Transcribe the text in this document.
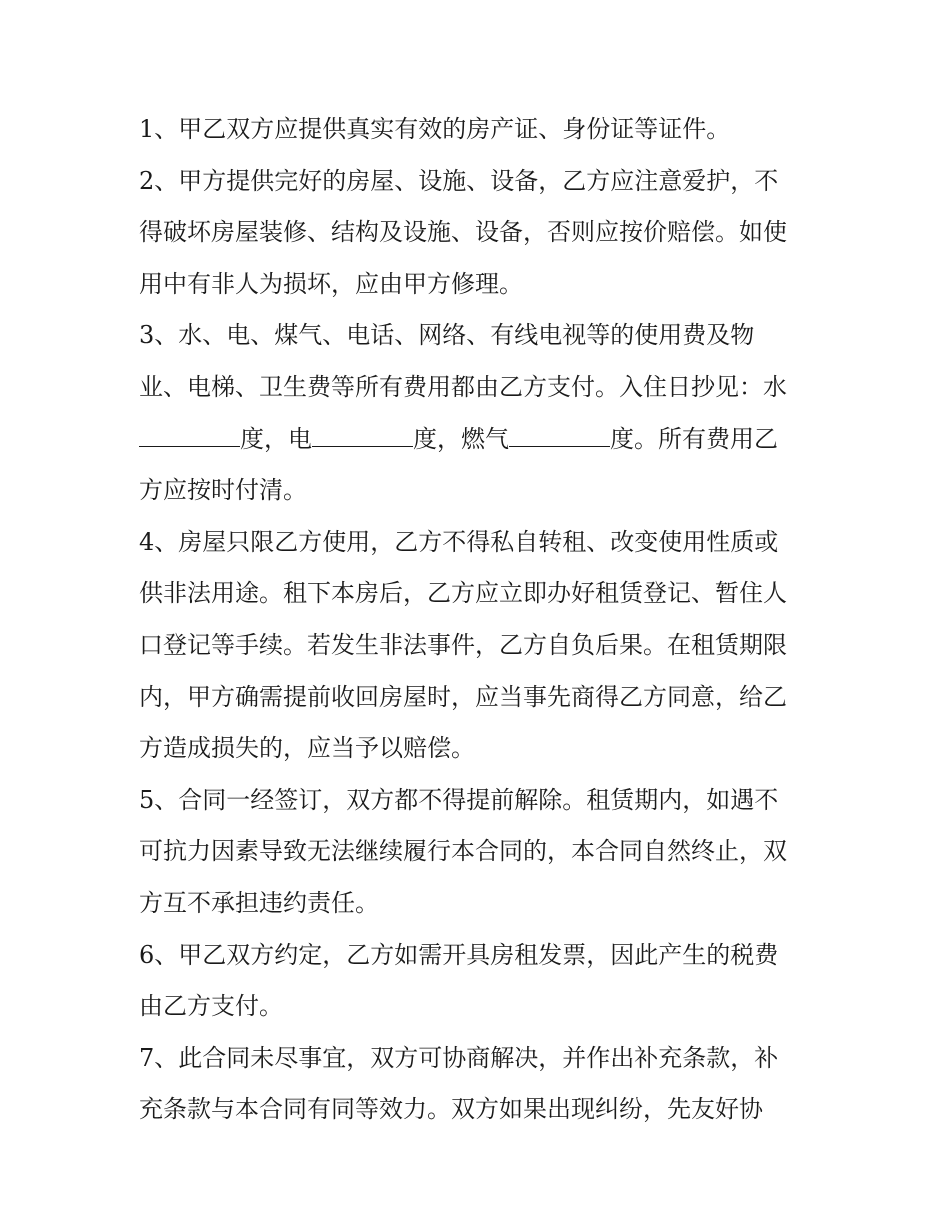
1、甲乙双方应提供真实有效的房产证、身份证等证件。
2、甲方提供完好的房屋、设施、设备，乙方应注意爱护，不
得破坏房屋装修、结构及设施、设备，否则应按价赔偿。如使
用中有非人为损坏，应由甲方修理。
3、水、电、煤气、电话、网络、有线电视等的使用费及物
业、电梯、卫生费等所有费用都由乙方支付。入住日抄见：水
度，电	度，燃气	度。所有费用乙
方应按时付清。
4、房屋只限乙方使用，乙方不得私自转租、改变使用性质或
供非法用途。租下本房后，乙方应立即办好租赁登记、暂住人
口登记等手续。若发生非法事件，乙方自负后果。在租赁期限
内，甲方确需提前收回房屋时，应当事先商得乙方同意，给乙
方造成损失的，应当予以赔偿。
5、合同一经签订，双方都不得提前解除。租赁期内，如遇不
可抗力因素导致无法继续履行本合同的，本合同自然终止，双
方互不承担违约责任。
6、甲乙双方约定，乙方如需开具房租发票，因此产生的税费
由乙方支付。
7、此合同未尽事宜，双方可协商解决，并作出补充条款，补
充条款与本合同有同等效力。双方如果出现纠纷，先友好协
